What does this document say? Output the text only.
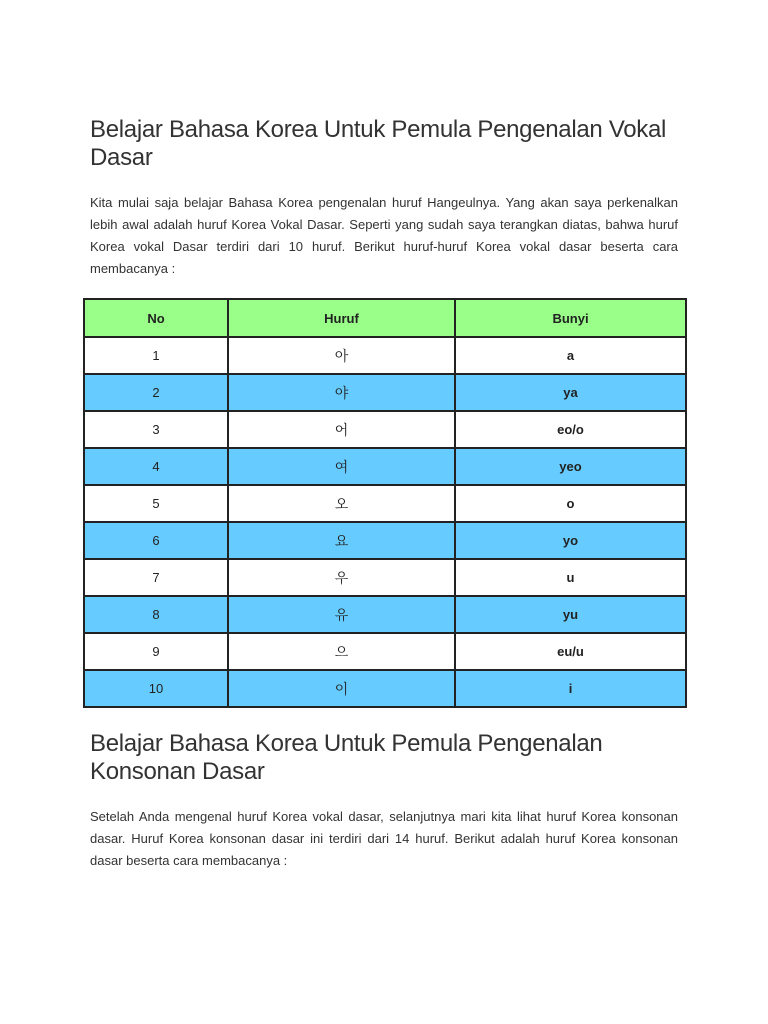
Belajar Bahasa Korea Untuk Pemula Pengenalan Vokal Dasar

Kita mulai saja belajar Bahasa Korea pengenalan huruf Hangeulnya. Yang akan saya perkenalkan lebih awal adalah huruf Korea Vokal Dasar. Seperti yang sudah saya terangkan diatas, bahwa huruf Korea vokal Dasar terdiri dari 10 huruf. Berikut huruf-huruf Korea vokal dasar beserta cara membacanya :

No	Huruf	Bunyi
1	아	a
2	야	ya
3	어	eo/o
4	여	yeo
5	오	o
6	요	yo
7	우	u
8	유	yu
9	으	eu/u
10	이	i
Belajar Bahasa Korea Untuk Pemula Pengenalan Konsonan Dasar

Setelah Anda mengenal huruf Korea vokal dasar, selanjutnya mari kita lihat huruf Korea konsonan dasar. Huruf Korea konsonan dasar ini terdiri dari 14 huruf. Berikut adalah huruf Korea konsonan dasar beserta cara membacanya :
